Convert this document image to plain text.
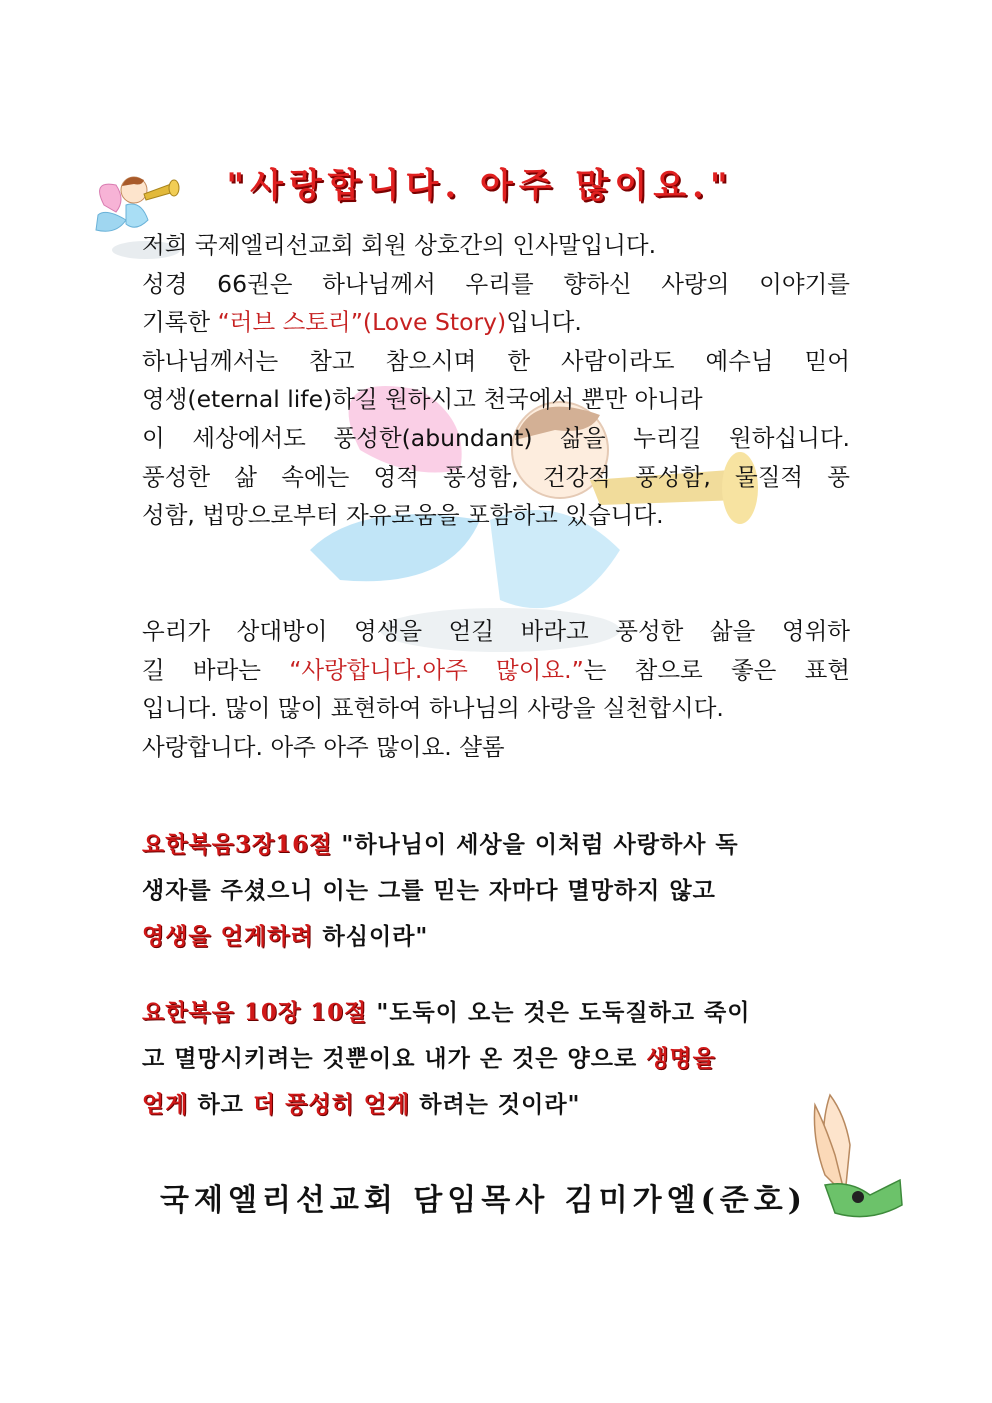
"사랑합니다. 아주 많이요."
저희 국제엘리선교회 회원 상호간의 인사말입니다.
성경 66권은 하나님께서 우리를 향하신 사랑의 이야기를
기록한 “러브 스토리”(Love Story)입니다.
하나님께서는 참고 참으시며 한 사람이라도 예수님 믿어
영생(eternal life)하길 원하시고 천국에서 뿐만 아니라
이 세상에서도 풍성한(abundant) 삶을 누리길 원하십니다.
풍성한 삶 속에는 영적 풍성함, 건강적 풍성함, 물질적 풍
성함, 법망으로부터 자유로움을 포함하고 있습니다.
우리가 상대방이 영생을 얻길 바라고 풍성한 삶을 영위하
길 바라는 “사랑합니다.아주 많이요.”는 참으로 좋은 표현
입니다. 많이 많이 표현하여 하나님의 사랑을 실천합시다.
사랑합니다. 아주 아주 많이요. 샬롬
요한복음3장16절 "하나님이 세상을 이처럼 사랑하사 독
생자를 주셨으니 이는 그를 믿는 자마다 멸망하지 않고
영생을 얻게하려 하심이라"
요한복음 10장 10절 "도둑이 오는 것은 도둑질하고 죽이
고 멸망시키려는 것뿐이요 내가 온 것은 양으로 생명을
얻게 하고 더 풍성히 얻게 하려는 것이라"
국제엘리선교회 담임목사 김미가엘(준호)
